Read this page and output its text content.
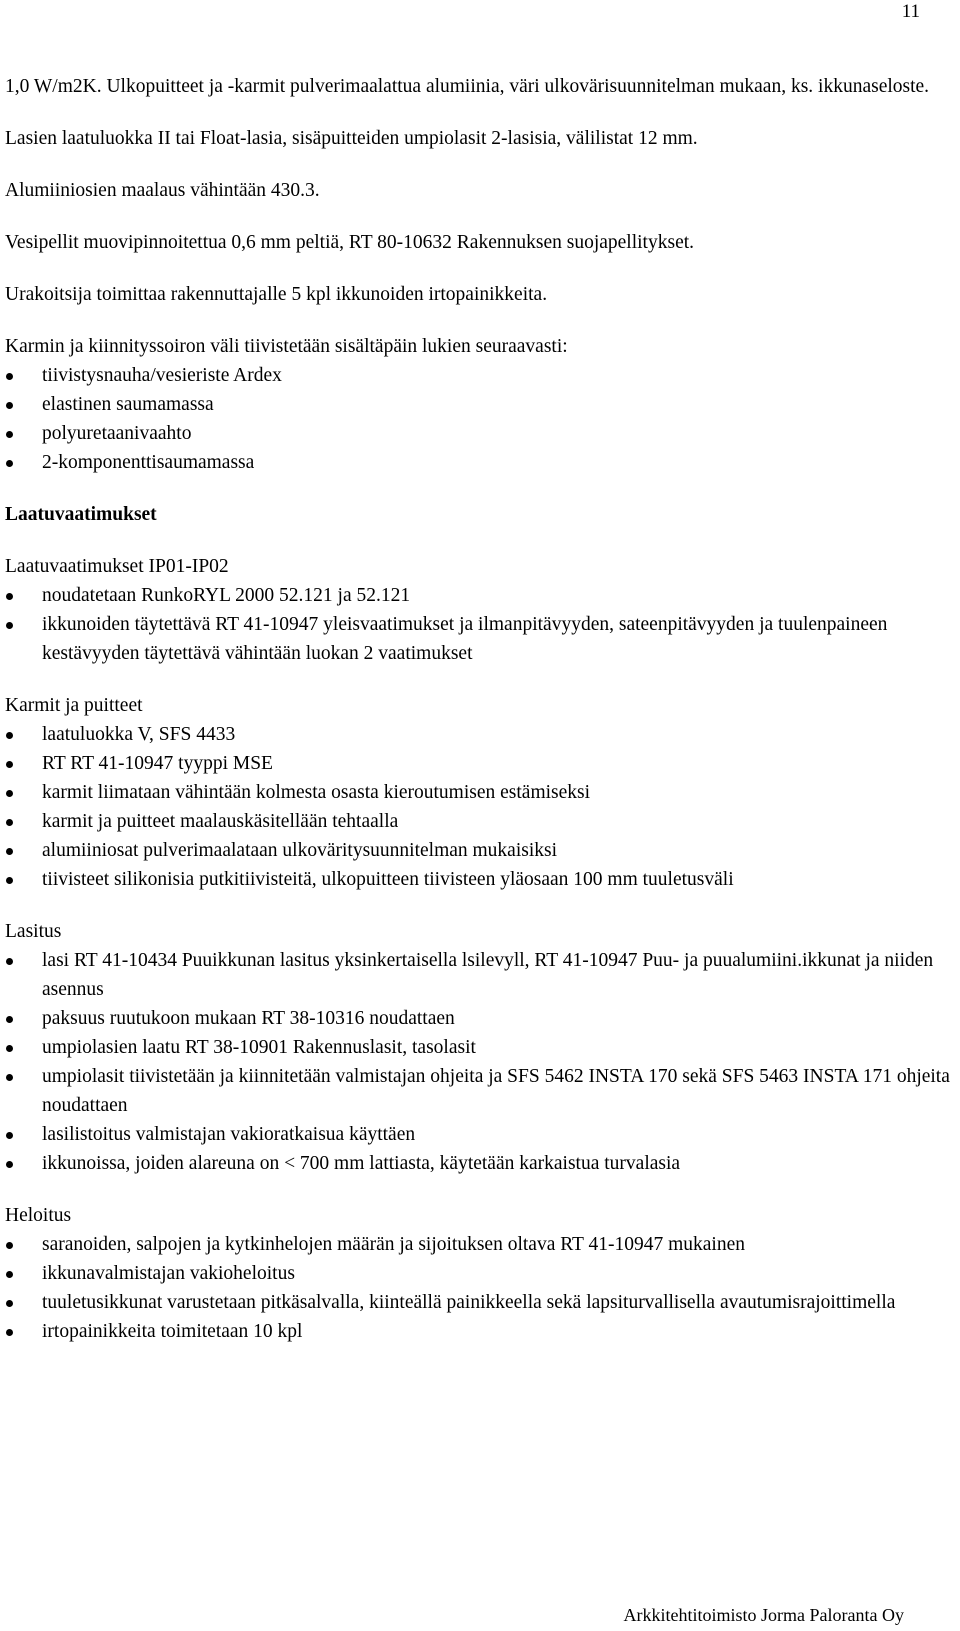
11

1,0 W/m2K. Ulkopuitteet ja -karmit pulverimaalattua alumiinia, väri ulkovärisuunnitelman mukaan, ks. ikkunaseloste.

Lasien laatuluokka II tai Float-lasia, sisäpuitteiden umpiolasit 2-lasisia, välilistat 12 mm.

Alumiiniosien maalaus vähintään 430.3.

Vesipellit muovipinnoitettua 0,6 mm peltiä, RT 80-10632 Rakennuksen suojapellitykset.

Urakoitsija toimittaa rakennuttajalle 5 kpl ikkunoiden irtopainikkeita.

Karmin ja kiinnityssoiron väli tiivistetään sisältäpäin lukien seuraavasti:

tiivistysnauha/vesieriste Ardex
elastinen saumamassa
polyuretaanivaahto
2-komponenttisaumamassa

Laatuvaatimukset

Laatuvaatimukset IP01-IP02

noudatetaan RunkoRYL 2000 52.121 ja 52.121
ikkunoiden täytettävä RT 41-10947 yleisvaatimukset ja ilmanpitävyyden, sateenpitävyyden ja tuulenpaineen kestävyyden täytettävä vähintään luokan 2 vaatimukset

Karmit ja puitteet

laatuluokka V, SFS 4433
RT RT 41-10947 tyyppi MSE
karmit liimataan vähintään kolmesta osasta kieroutumisen estämiseksi
karmit ja puitteet maalauskäsitellään tehtaalla
alumiiniosat pulverimaalataan ulkoväritysuunnitelman mukaisiksi
tiivisteet silikonisia putkitiivisteitä, ulkopuitteen tiivisteen yläosaan 100 mm tuuletusväli

Lasitus

lasi RT 41-10434 Puuikkunan lasitus yksinkertaisella lsilevyll, RT 41-10947 Puu- ja puualumiini.ikkunat ja niiden asennus
paksuus ruutukoon mukaan RT 38-10316 noudattaen
umpiolasien laatu RT 38-10901 Rakennuslasit, tasolasit
umpiolasit tiivistetään ja kiinnitetään valmistajan ohjeita ja SFS 5462 INSTA 170 sekä SFS 5463 INSTA 171 ohjeita noudattaen
lasilistoitus valmistajan vakioratkaisua käyttäen
ikkunoissa, joiden alareuna on < 700 mm lattiasta, käytetään karkaistua turvalasia

Heloitus

saranoiden, salpojen ja kytkinhelojen määrän ja sijoituksen oltava RT 41-10947 mukainen
ikkunavalmistajan vakioheloitus
tuuletusikkunat varustetaan pitkäsalvalla, kiinteällä painikkeella sekä lapsiturvallisella avautumisrajoittimella
irtopainikkeita toimitetaan 10 kpl
Arkkitehtitoimisto Jorma Paloranta Oy
